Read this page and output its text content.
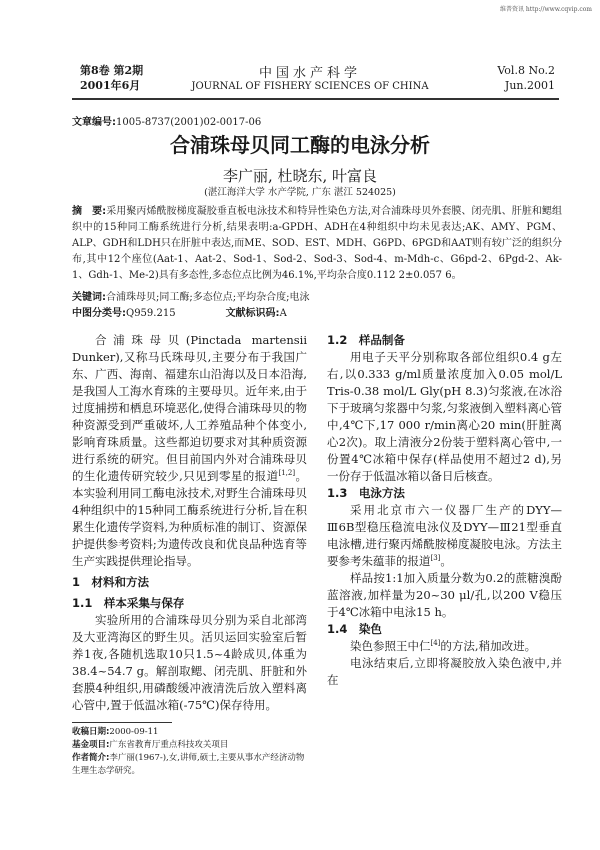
维普资讯 http://www.cqvip.com
第8卷 第2期
2001年6月
中国水产科学
JOURNAL OF FISHERY SCIENCES OF CHINA
Vol.8 No.2
Jun.2001
文章编号:1005-8737(2001)02-0017-06
合浦珠母贝同工酶的电泳分析
李广丽, 杜晓东, 叶富良
(湛江海洋大学 水产学院, 广东 湛江 524025)
摘　要:采用聚丙烯酰胺梯度凝胶垂直板电泳技术和特异性染色方法,对合浦珠母贝外套膜、闭壳肌、肝脏和鳃组织中的15种同工酶系统进行分析,结果表明:a-GPDH、ADH在4种组织中均未见表达;AK、AMY、PGM、ALP、GDH和LDH只在肝脏中表达,而ME、SOD、EST、MDH、G6PD、6PGD和AAT则有较广泛的组织分布,其中12个座位(Aat-1、Aat-2、Sod-1、Sod-2、Sod-3、Sod-4、m-Mdh-c、G6pd-2、6Pgd-2、Ak-1、Gdh-1、Me-2)具有多态性,多态位点比例为46.1%,平均杂合度0.112 2±0.057 6。
关键词:合浦珠母贝;同工酶;多态位点;平均杂合度;电泳
中图分类号:Q959.215	文献标识码:A

合浦珠母贝(Pinctada martensii Dunker),又称马氏珠母贝,主要分布于我国广东、广西、海南、福建东山沿海以及日本沿海,是我国人工海水育珠的主要母贝。近年来,由于过度捕捞和栖息环境恶化,使得合浦珠母贝的物种资源受到严重破坏,人工养殖品种个体变小,影响育珠质量。这些都迫切要求对其种质资源进行系统的研究。但目前国内外对合浦珠母贝的生化遗传研究较少,只见到零星的报道[1,2]。本实验利用同工酶电泳技术,对野生合浦珠母贝4种组织中的15种同工酶系统进行分析,旨在积累生化遗传学资料,为种质标准的制订、资源保护提供参考资料;为遗传改良和优良品种选育等生产实践提供理论指导。

1　材料和方法
1.1　样本采集与保存

实验所用的合浦珠母贝分别为采自北部湾及大亚湾海区的野生贝。活贝运回实验室后暂养1夜,各随机选取10只1.5~4龄成贝,体重为38.4~54.7 g。解剖取鳃、闭壳肌、肝脏和外套膜4种组织,用磷酸缓冲液清洗后放入塑料离心管中,置于低温冰箱(-75℃)保存待用。

收稿日期:2000-09-11
基金项目:广东省教育厅重点科技攻关项目
作者简介:李广丽(1967-),女,讲师,硕士,主要从事水产经济动物生理生态学研究。
1.2　样品制备

用电子天平分别称取各部位组织0.4 g左右,以0.333 g/ml质量浓度加入0.05 mol/L Tris-0.38 mol/L Gly(pH 8.3)匀浆液,在冰浴下于玻璃匀浆器中匀浆,匀浆液倒入塑料离心管中,4℃下,17 000 r/min离心20 min(肝脏离心2次)。取上清液分2份装于塑料离心管中,一份置4℃冰箱中保存(样品使用不超过2 d),另一份存于低温冰箱以备日后核查。

1.3　电泳方法

采用北京市六一仪器厂生产的DYY—Ⅲ6B型稳压稳流电泳仪及DYY—Ⅲ21型垂直电泳槽,进行聚丙烯酰胺梯度凝胶电泳。方法主要参考朱蕴菲的报道[3]。

样品按1:1加入质量分数为0.2的蔗糖溴酚蓝溶液,加样量为20~30 μl/孔,以200 V稳压于4℃冰箱中电泳15 h。

1.4　染色

染色参照王中仁[4]的方法,稍加改进。

电泳结束后,立即将凝胶放入染色液中,并在
